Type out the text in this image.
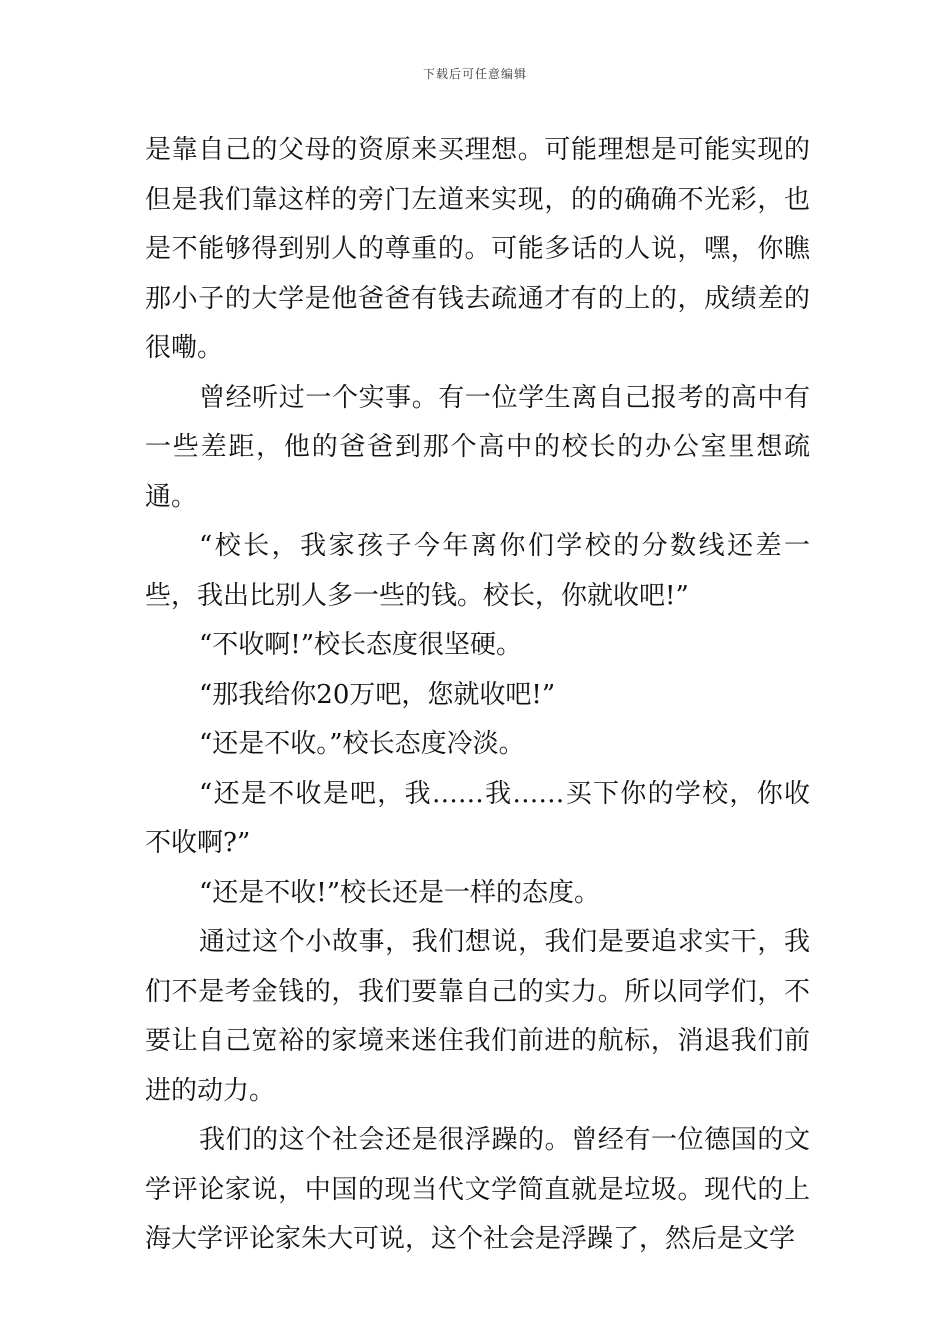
下载后可任意编辑

是靠自己的父母的资原来买理想。可能理想是可能实现的但是我们靠这样的旁门左道来实现，的的确确不光彩，也是不能够得到别人的尊重的。可能多话的人说，嘿，你瞧那小子的大学是他爸爸有钱去疏通才有的上的，成绩差的很嘞。

曾经听过一个实事。有一位学生离自己报考的高中有一些差距，他的爸爸到那个高中的校长的办公室里想疏通。

“校长，我家孩子今年离你们学校的分数线还差一些，我出比别人多一些的钱。校长，你就收吧!”

“不收啊!”校长态度很坚硬。

“那我给你20万吧，您就收吧!”

“还是不收。”校长态度冷淡。

“还是不收是吧，我……我……买下你的学校，你收不收啊?”

“还是不收!”校长还是一样的态度。

通过这个小故事，我们想说，我们是要追求实干，我们不是考金钱的，我们要靠自己的实力。所以同学们，不要让自己宽裕的家境来迷住我们前进的航标，消退我们前进的动力。

我们的这个社会还是很浮躁的。曾经有一位德国的文学评论家说，中国的现当代文学简直就是垃圾。现代的上海大学评论家朱大可说，这个社会是浮躁了，然后是文学
